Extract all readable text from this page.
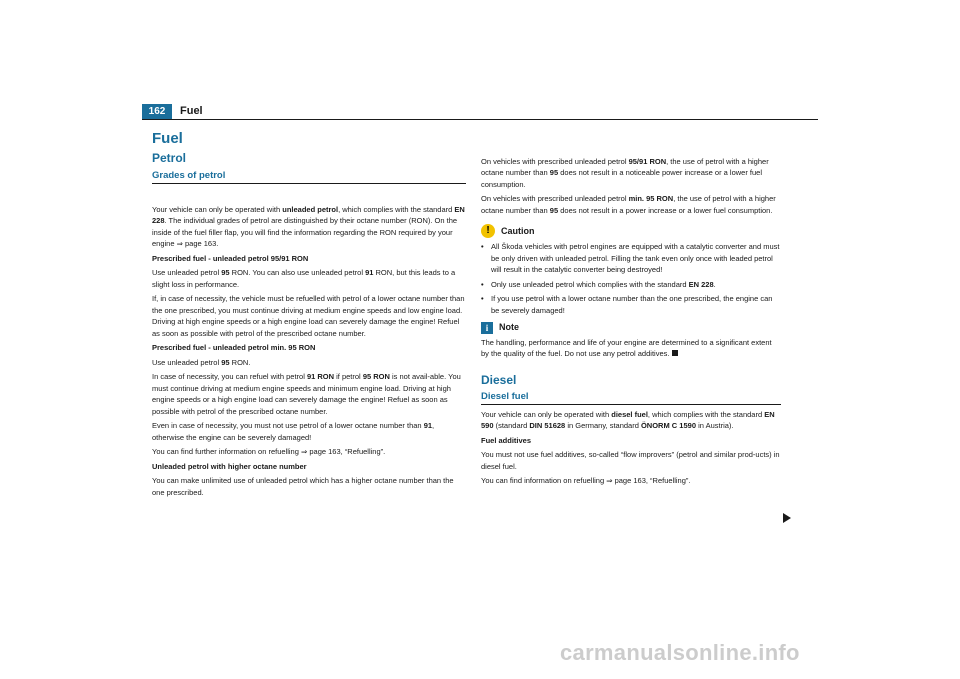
162	Fuel
Fuel
Petrol
Grades of petrol

Your vehicle can only be operated with unleaded petrol, which complies with the standard EN 228. The individual grades of petrol are distinguished by their octane number (RON). On the inside of the fuel filler flap, you will find the information regarding the RON required by your engine ⇒ page 163.

Prescribed fuel - unleaded petrol 95/91 RON

Use unleaded petrol 95 RON. You can also use unleaded petrol 91 RON, but this leads to a slight loss in performance.

If, in case of necessity, the vehicle must be refuelled with petrol of a lower octane number than the one prescribed, you must continue driving at medium engine speeds and low engine load. Driving at high engine speeds or a high engine load can severely damage the engine! Refuel as soon as possible with petrol of the prescribed octane number.

Prescribed fuel - unleaded petrol min. 95 RON

Use unleaded petrol 95 RON.

In case of necessity, you can refuel with petrol 91 RON if petrol 95 RON is not avail-able. You must continue driving at medium engine speeds and minimum engine load. Driving at high engine speeds or a high engine load can severely damage the engine! Refuel as soon as possible with petrol of the prescribed octane number.

Even in case of necessity, you must not use petrol of a lower octane number than 91, otherwise the engine can be severely damaged!

You can find further information on refuelling ⇒ page 163, “Refuelling”.

Unleaded petrol with higher octane number

You can make unlimited use of unleaded petrol which has a higher octane number than the one prescribed.

On vehicles with prescribed unleaded petrol 95/91 RON, the use of petrol with a higher octane number than 95 does not result in a noticeable power increase or a lower fuel consumption.

On vehicles with prescribed unleaded petrol min. 95 RON, the use of petrol with a higher octane number than 95 does not result in a power increase or a lower fuel consumption.

!	Caution
• All Škoda vehicles with petrol engines are equipped with a catalytic converter and must be only driven with unleaded petrol. Filling the tank even only once with leaded petrol will result in the catalytic converter being destroyed!
• Only use unleaded petrol which complies with the standard EN 228.
• If you use petrol with a lower octane number than the one prescribed, the engine can be severely damaged!
i	Note

The handling, performance and life of your engine are determined to a significant extent by the quality of the fuel. Do not use any petrol additives.

Diesel
Diesel fuel

Your vehicle can only be operated with diesel fuel, which complies with the standard EN 590 (standard DIN 51628 in Germany, standard ÖNORM C 1590 in Austria).

Fuel additives

You must not use fuel additives, so-called “flow improvers” (petrol and similar prod-ucts) in diesel fuel.

You can find information on refuelling ⇒ page 163, “Refuelling”.

carmanualsonline.info
